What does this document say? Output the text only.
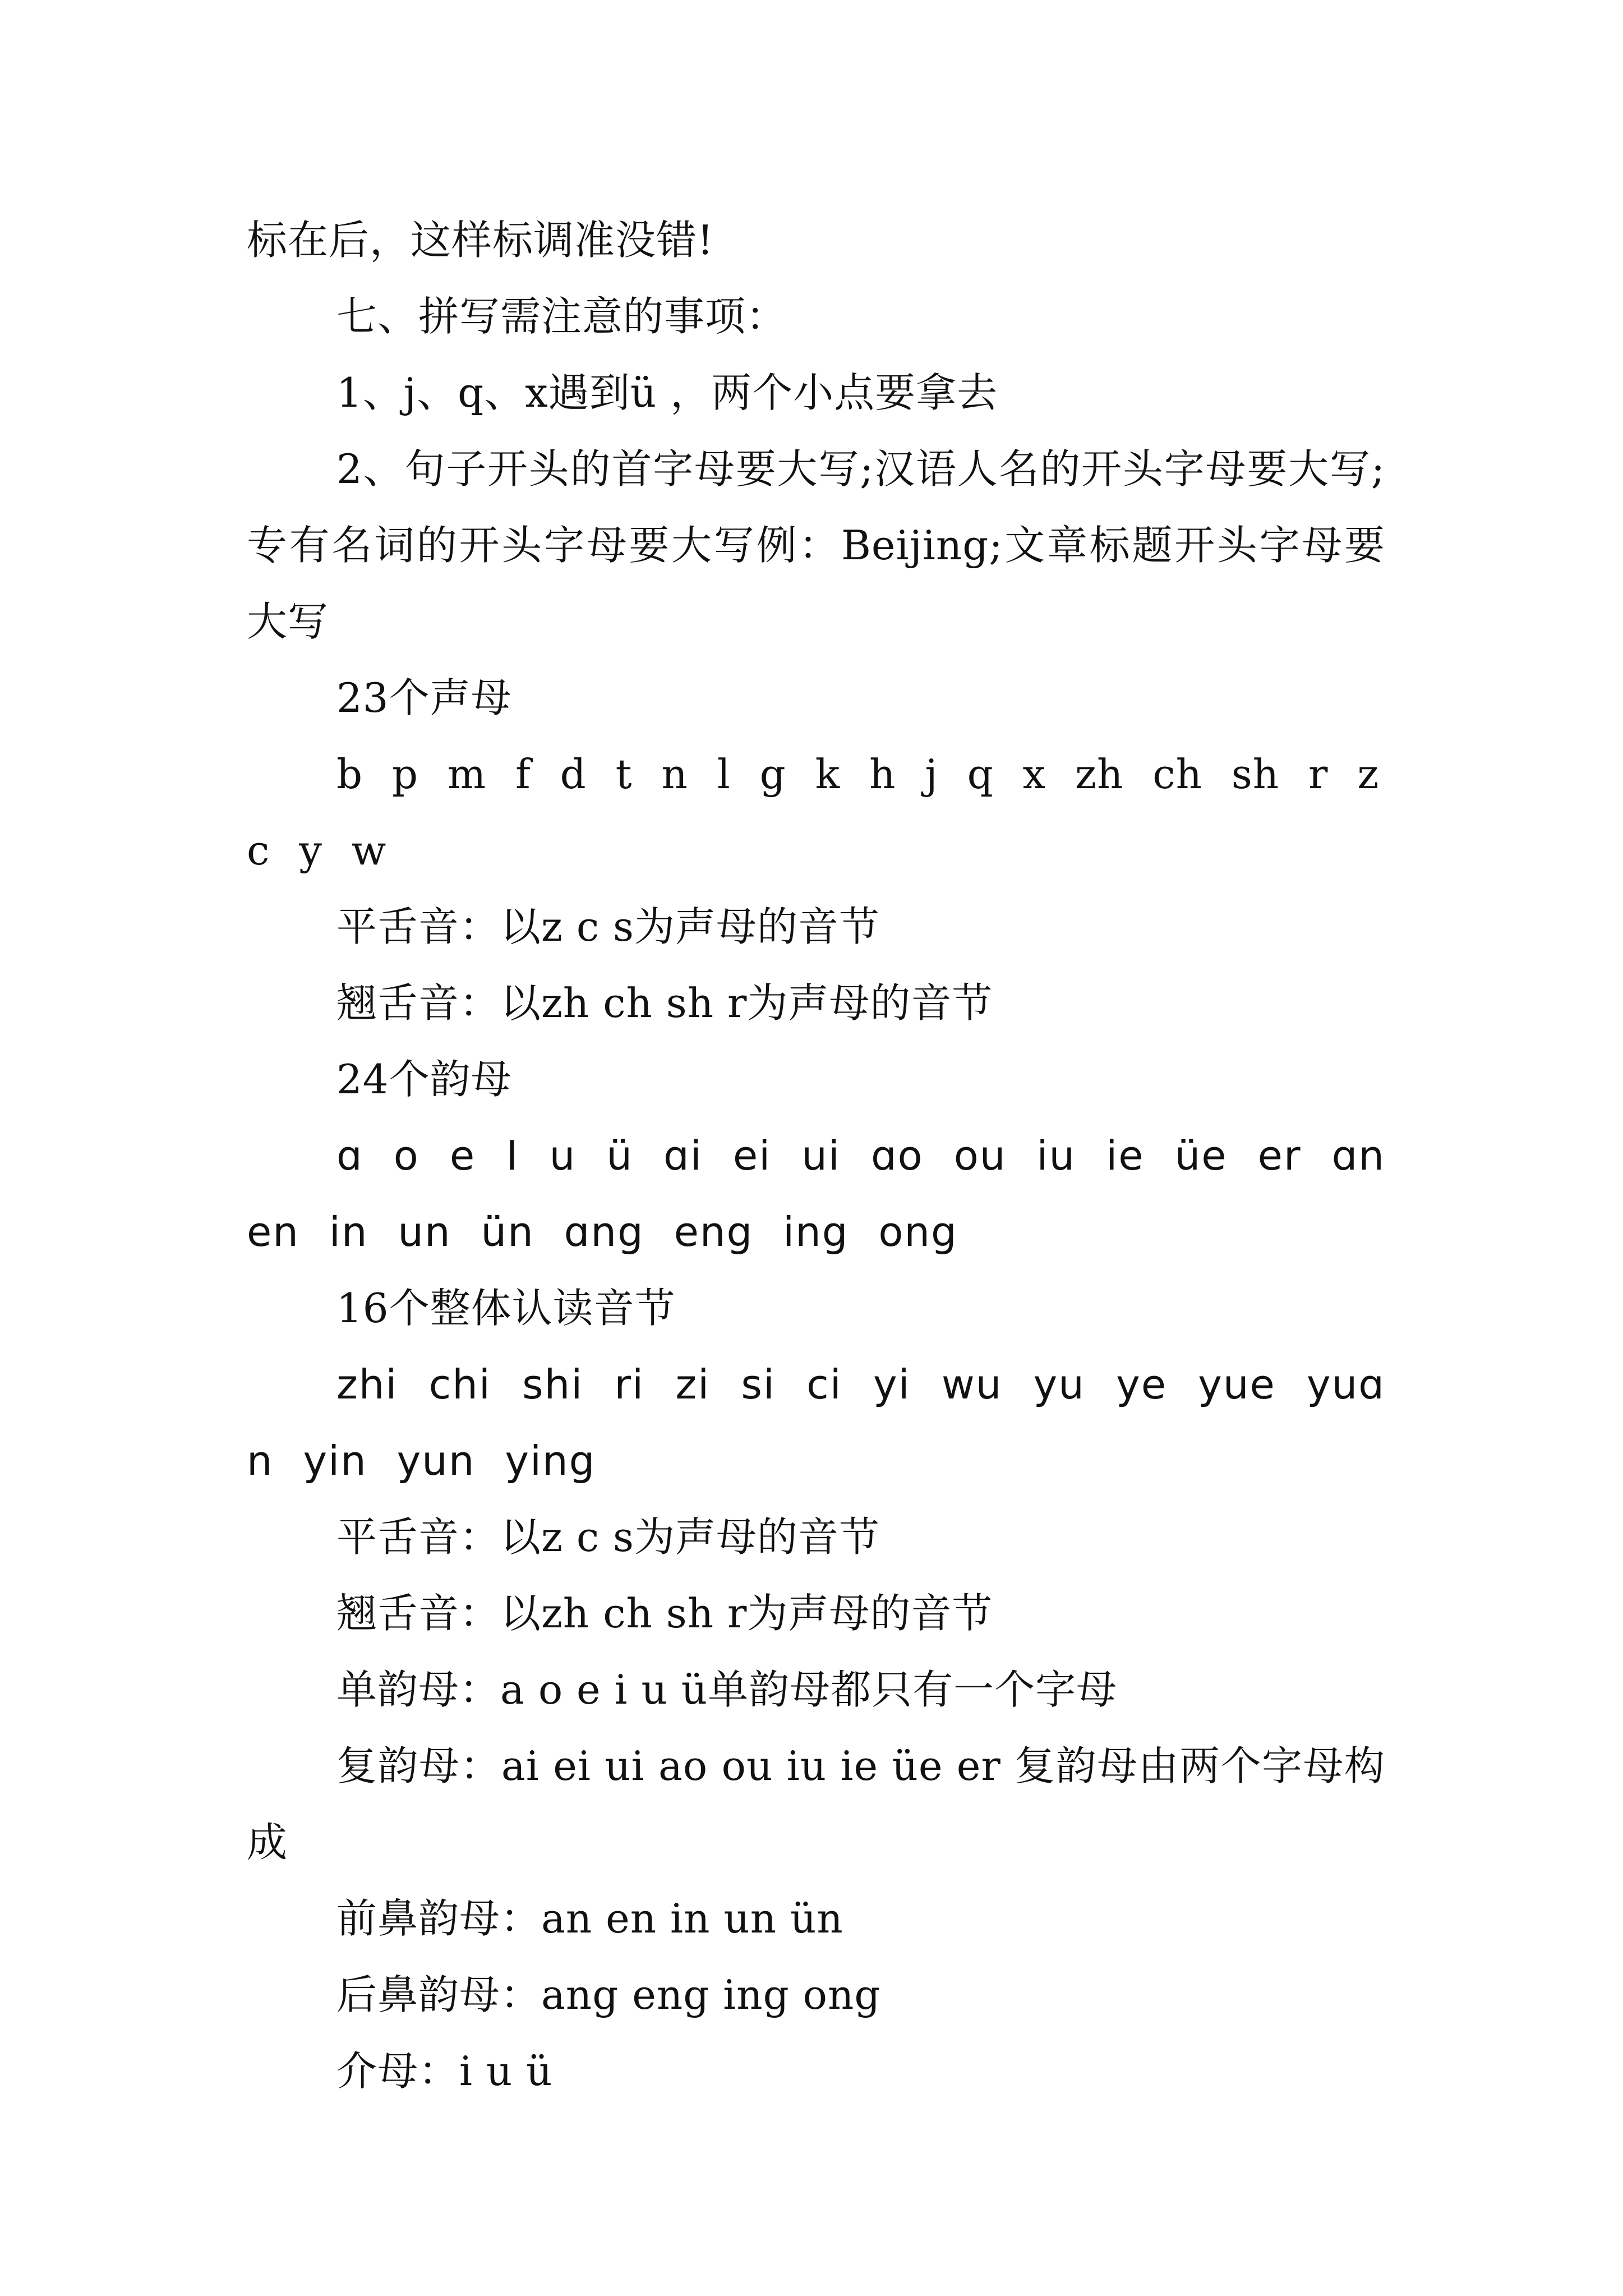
标在后，这样标调准没错!

七、拼写需注意的事项：

1、j、q、x遇到ü ，两个小点要拿去

2、句子开头的首字母要大写;汉语人名的开头字母要大写;专有名词的开头字母要大写例：Beijing;文章标题开头字母要大写

23个声母

b p m f d t n l g k h j q x zh ch sh r z c y w

平舌音：以z c s为声母的音节

翘舌音：以zh ch sh r为声母的音节

24个韵母

ɑ o e I u ü ɑi ei ui ɑo ou iu ie üe er ɑn en in un ün ɑng eng ing ong

16个整体认读音节

zhi chi shi ri zi si ci yi wu yu ye yue yuɑn yin yun ying

平舌音：以z c s为声母的音节

翘舌音：以zh ch sh r为声母的音节

单韵母：a o e i u ü单韵母都只有一个字母

复韵母：ai ei ui ao ou iu ie üe er 复韵母由两个字母构成

前鼻韵母：an en in un ün

后鼻韵母：ang eng ing ong

介母：i u ü
